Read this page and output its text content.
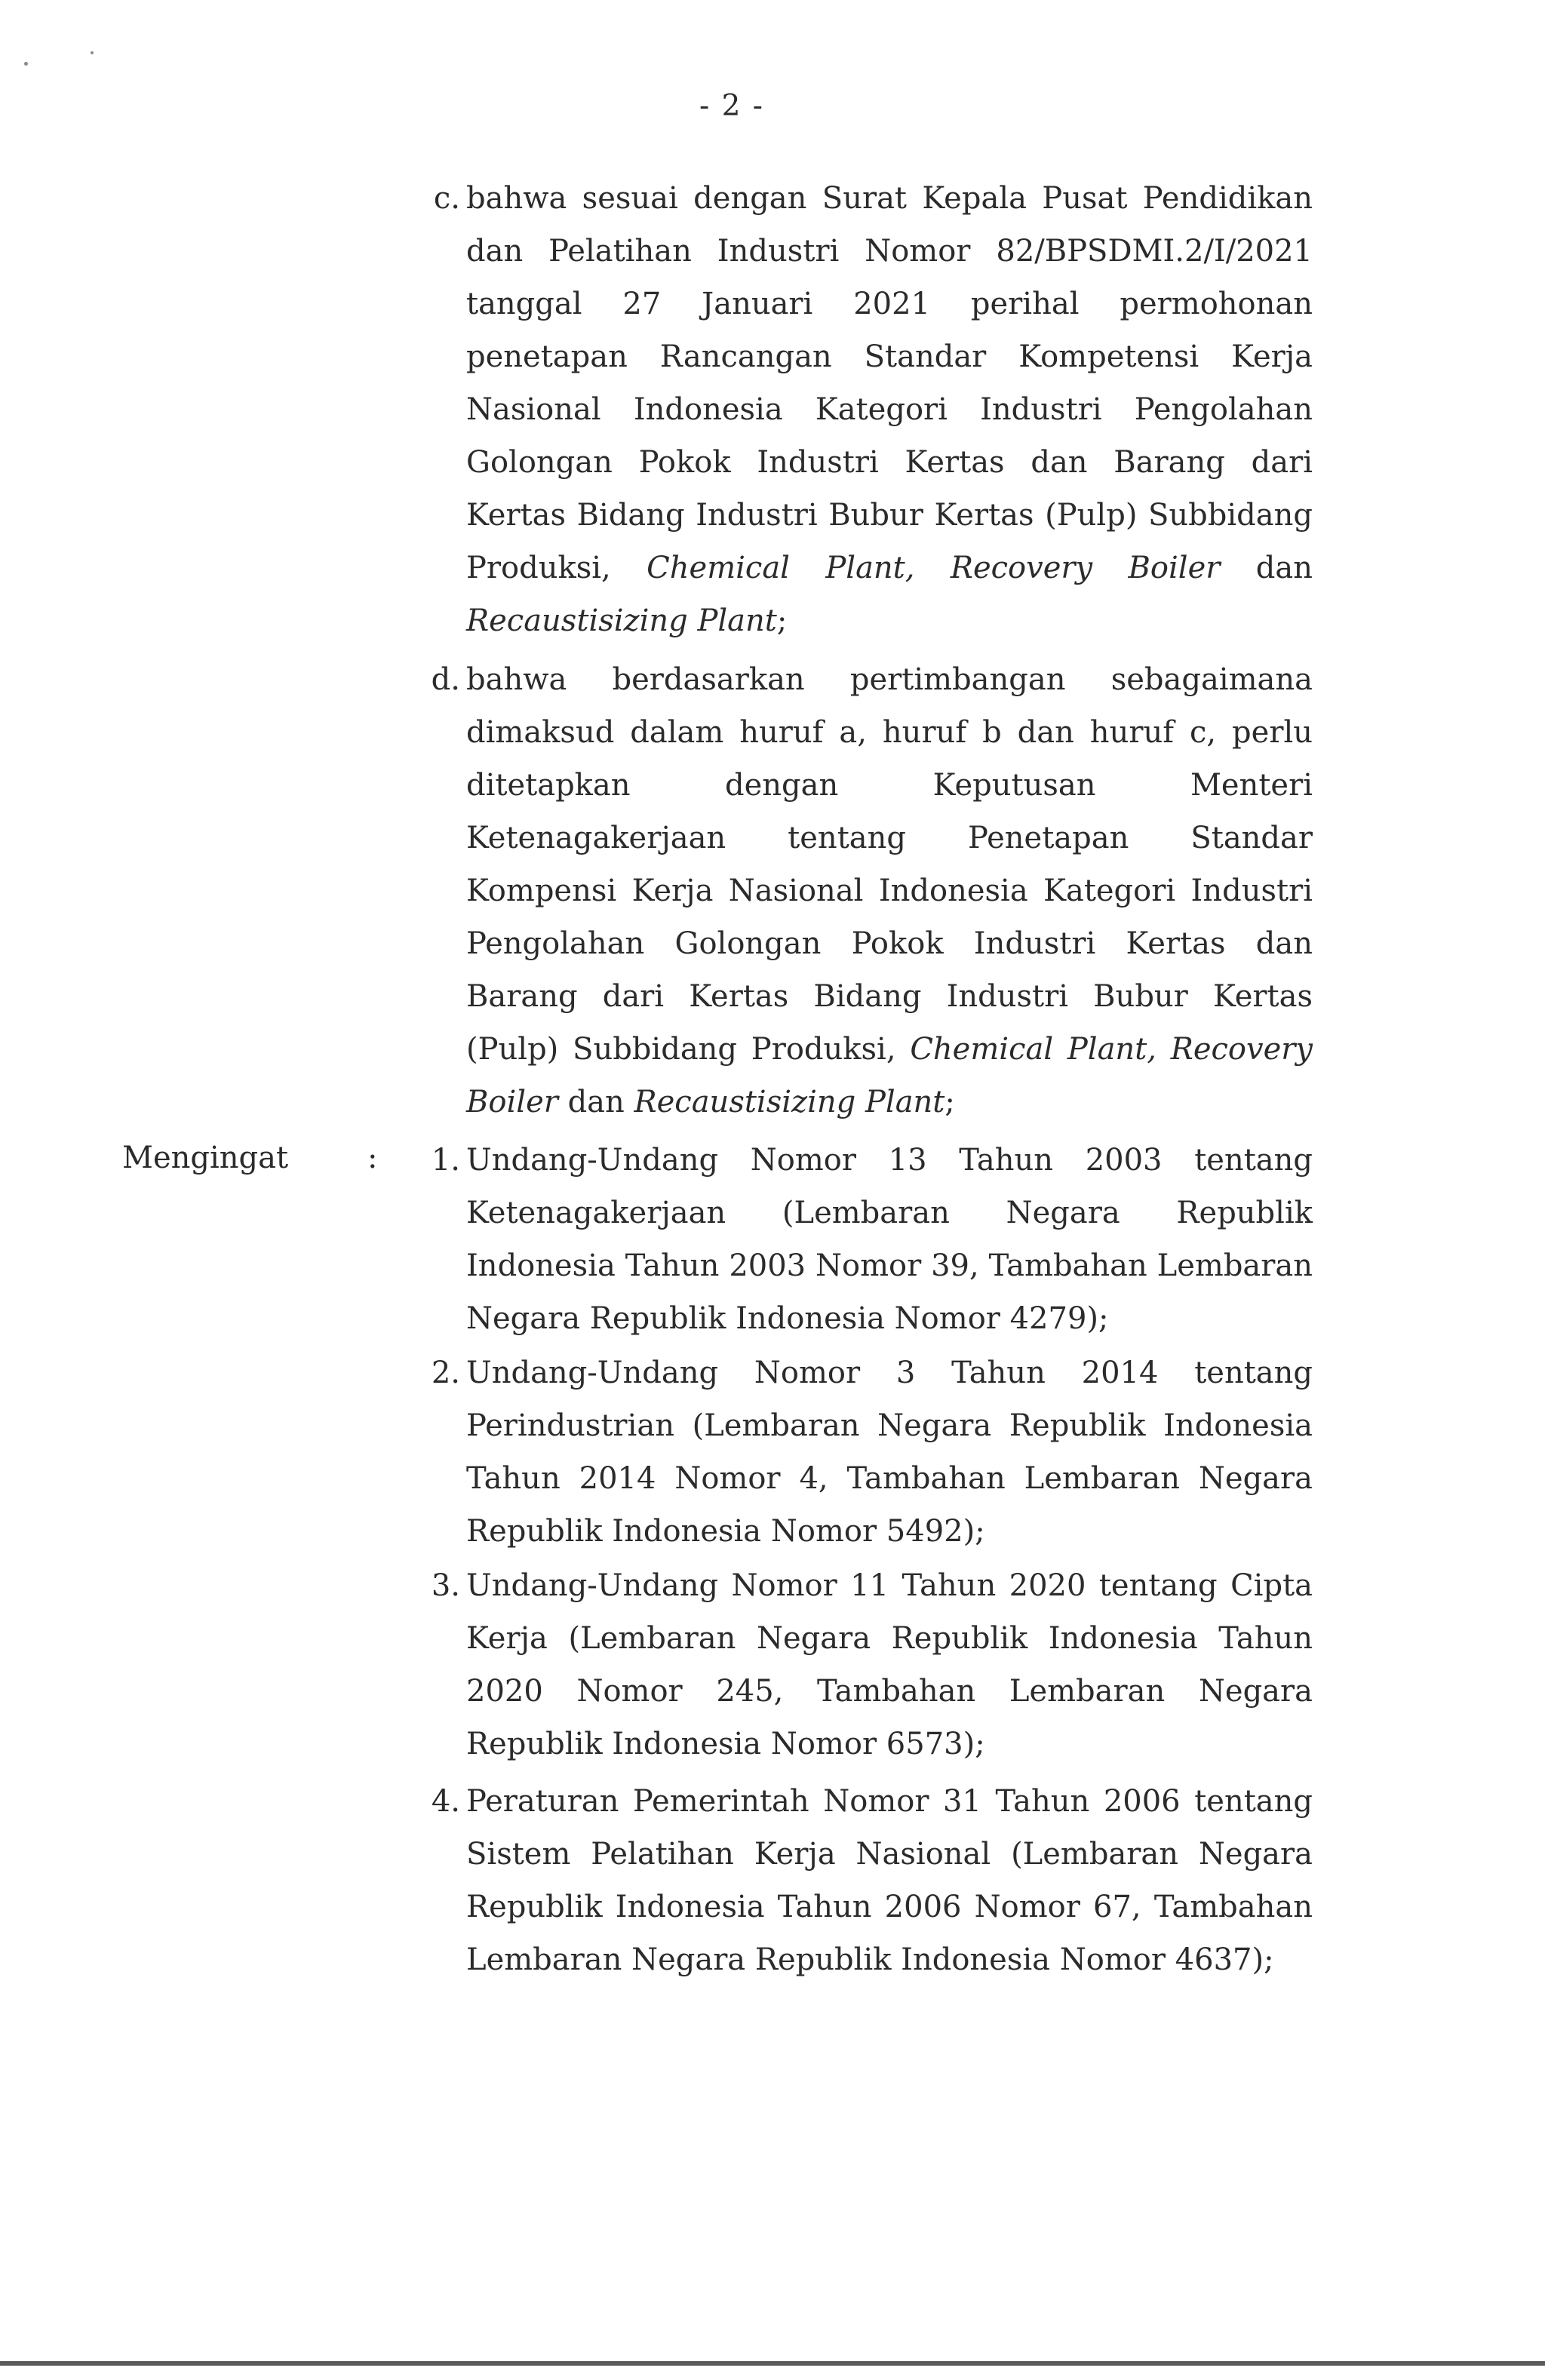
- 2 -
c. bahwa sesuai dengan Surat Kepala Pusat Pendidikan dan Pelatihan Industri Nomor 82/BPSDMI.2/I/2021 tanggal 27 Januari 2021 perihal permohonan penetapan Rancangan Standar Kompetensi Kerja Nasional Indonesia Kategori Industri Pengolahan Golongan Pokok Industri Kertas dan Barang dari Kertas Bidang Industri Bubur Kertas (Pulp) Subbidang Produksi, Chemical Plant, Recovery Boiler dan Recaustisizing Plant;
d. bahwa berdasarkan pertimbangan sebagaimana dimaksud dalam huruf a, huruf b dan huruf c, perlu ditetapkan dengan Keputusan Menteri Ketenagakerjaan tentang Penetapan Standar Kompensi Kerja Nasional Indonesia Kategori Industri Pengolahan Golongan Pokok Industri Kertas dan Barang dari Kertas Bidang Industri Bubur Kertas (Pulp) Subbidang Produksi, Chemical Plant, Recovery Boiler dan Recaustisizing Plant;
Mengingat	:	1. Undang-Undang Nomor 13 Tahun 2003 tentang Ketenagakerjaan (Lembaran Negara Republik Indonesia Tahun 2003 Nomor 39, Tambahan Lembaran Negara Republik Indonesia Nomor 4279);
2. Undang-Undang Nomor 3 Tahun 2014 tentang Perindustrian (Lembaran Negara Republik Indonesia Tahun 2014 Nomor 4, Tambahan Lembaran Negara Republik Indonesia Nomor 5492);
3. Undang-Undang Nomor 11 Tahun 2020 tentang Cipta Kerja (Lembaran Negara Republik Indonesia Tahun 2020 Nomor 245, Tambahan Lembaran Negara Republik Indonesia Nomor 6573);
4. Peraturan Pemerintah Nomor 31 Tahun 2006 tentang Sistem Pelatihan Kerja Nasional (Lembaran Negara Republik Indonesia Tahun 2006 Nomor 67, Tambahan Lembaran Negara Republik Indonesia Nomor 4637);
